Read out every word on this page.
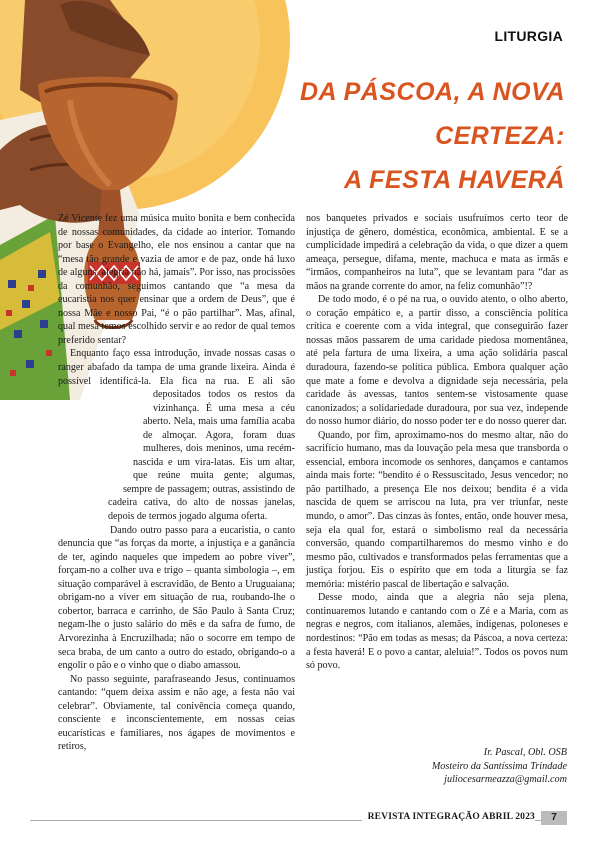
LITURGIA
DA PÁSCOA, A NOVA CERTEZA:
A FESTA HAVERÁ

Zé Vicente fez uma música muito bonita e bem conhecida de nossas comunidades, da cidade ao interior. Tomando por base o Evangelho, ele nos ensinou a cantar que na “mesa tão grande e vazia de amor e de paz, onde há luxo de alguns, alegria não há, jamais”. Por isso, nas procissões da comunhão, seguimos cantando que “a mesa da eucaristia nos quer ensinar que a ordem de Deus”, que é nossa Mãe e nosso Pai, “é o pão partilhar”. Mas, afinal, qual mesa temos escolhido servir e ao redor de qual temos preferido sentar?

Enquanto faço essa introdução, invade nossas casas o ranger abafado da tampa de uma grande lixeira. Ainda é possível identificá-la. Ela fica na rua. E ali são depositados todos os restos da vizinhança. É uma mesa a céu aberto. Nela, mais uma família acaba de almoçar. Agora, foram duas mulheres, dois meninos, uma recém-nascida e um vira-latas. Eis um altar, que reúne muita gente; algumas, sempre de passagem; outras, assistindo de cadeira cativa, do alto de nossas janelas, depois de termos jogado alguma oferta.

Dando outro passo para a eucaristia, o canto denuncia que “as forças da morte, a injustiça e a ganância de ter, agindo naqueles que impedem ao pobre viver”, forçam-no a colher uva e trigo – quanta simbologia –, em situação comparável à escravidão, de Bento a Uruguaiana; obrigam-no a viver em situação de rua, roubando-lhe o cobertor, barraca e carrinho, de São Paulo à Santa Cruz; negam-lhe o justo salário do mês e da safra de fumo, de Arvorezinha à Encruzilhada; não o socorre em tempo de seca braba, de um canto a outro do estado, obrigando-o a engolir o pão e o vinho que o diabo amassou.

No passo seguinte, parafraseando Jesus, continuamos cantando: “quem deixa assim e não age, a festa não vai celebrar”. Obviamente, tal conivência começa quando, consciente e inconscientemente, em nossas ceias eucarísticas e familiares, nos ágapes de movimentos e retiros,

nos banquetes privados e sociais usufruímos certo teor de injustiça de gênero, doméstica, econômica, ambiental. E se a cumplicidade impedirá a celebração da vida, o que dizer a quem ameaça, persegue, difama, mente, machuca e mata as irmãs e “irmãos, companheiros na luta”, que se levantam para “dar as mãos na grande corrente do amor, na feliz comunhão”!?

De todo modo, é o pé na rua, o ouvido atento, o olho aberto, o coração empático e, a partir disso, a consciência política crítica e coerente com a vida integral, que conseguirão fazer nossas mãos passarem de uma caridade piedosa momentânea, até pela fartura de uma lixeira, a uma ação solidária pascal duradoura, fazendo-se política pública. Embora qualquer ação que mate a fome e devolva a dignidade seja necessária, pela caridade às avessas, tantos sentem-se vistosamente quase canonizados; a solidariedade duradoura, por sua vez, independe do nosso humor diário, do nosso poder ter e do nosso querer dar.

Quando, por fim, aproximamo-nos do mesmo altar, não do sacrifício humano, mas da louvação pela mesa que transborda o essencial, embora incomode os senhores, dançamos e cantamos ainda mais forte: “bendito é o Ressuscitado, Jesus vencedor; no pão partilhado, a presença Ele nos deixou; bendita é a vida nascida de quem se arriscou na luta, pra ver triunfar, neste mundo, o amor”. Das cinzas às fontes, então, onde houver mesa, seja ela qual for, estará o simbolismo real da necessária conversão, quando compartilharemos do mesmo vinho e do mesmo pão, cultivados e transformados pelas ferramentas que a justiça forjou. Eis o espírito que em toda a liturgia se faz memória: mistério pascal de libertação e salvação.

Desse modo, ainda que a alegria não seja plena, continuaremos lutando e cantando com o Zé e a Maria, com as negras e negros, com italianos, alemães, indígenas, poloneses e nordestinos: “Pão em todas as mesas; da Páscoa, a nova certeza: a festa haverá! E o povo a cantar, aleluia!”. Todos os povos num só povo.

Ir. Pascal, Obl. OSB
Mosteiro da Santíssima Trindade
juliocesarmeazza@gmail.com
REVISTA INTEGRAÇÃO ABRIL 2023	7
